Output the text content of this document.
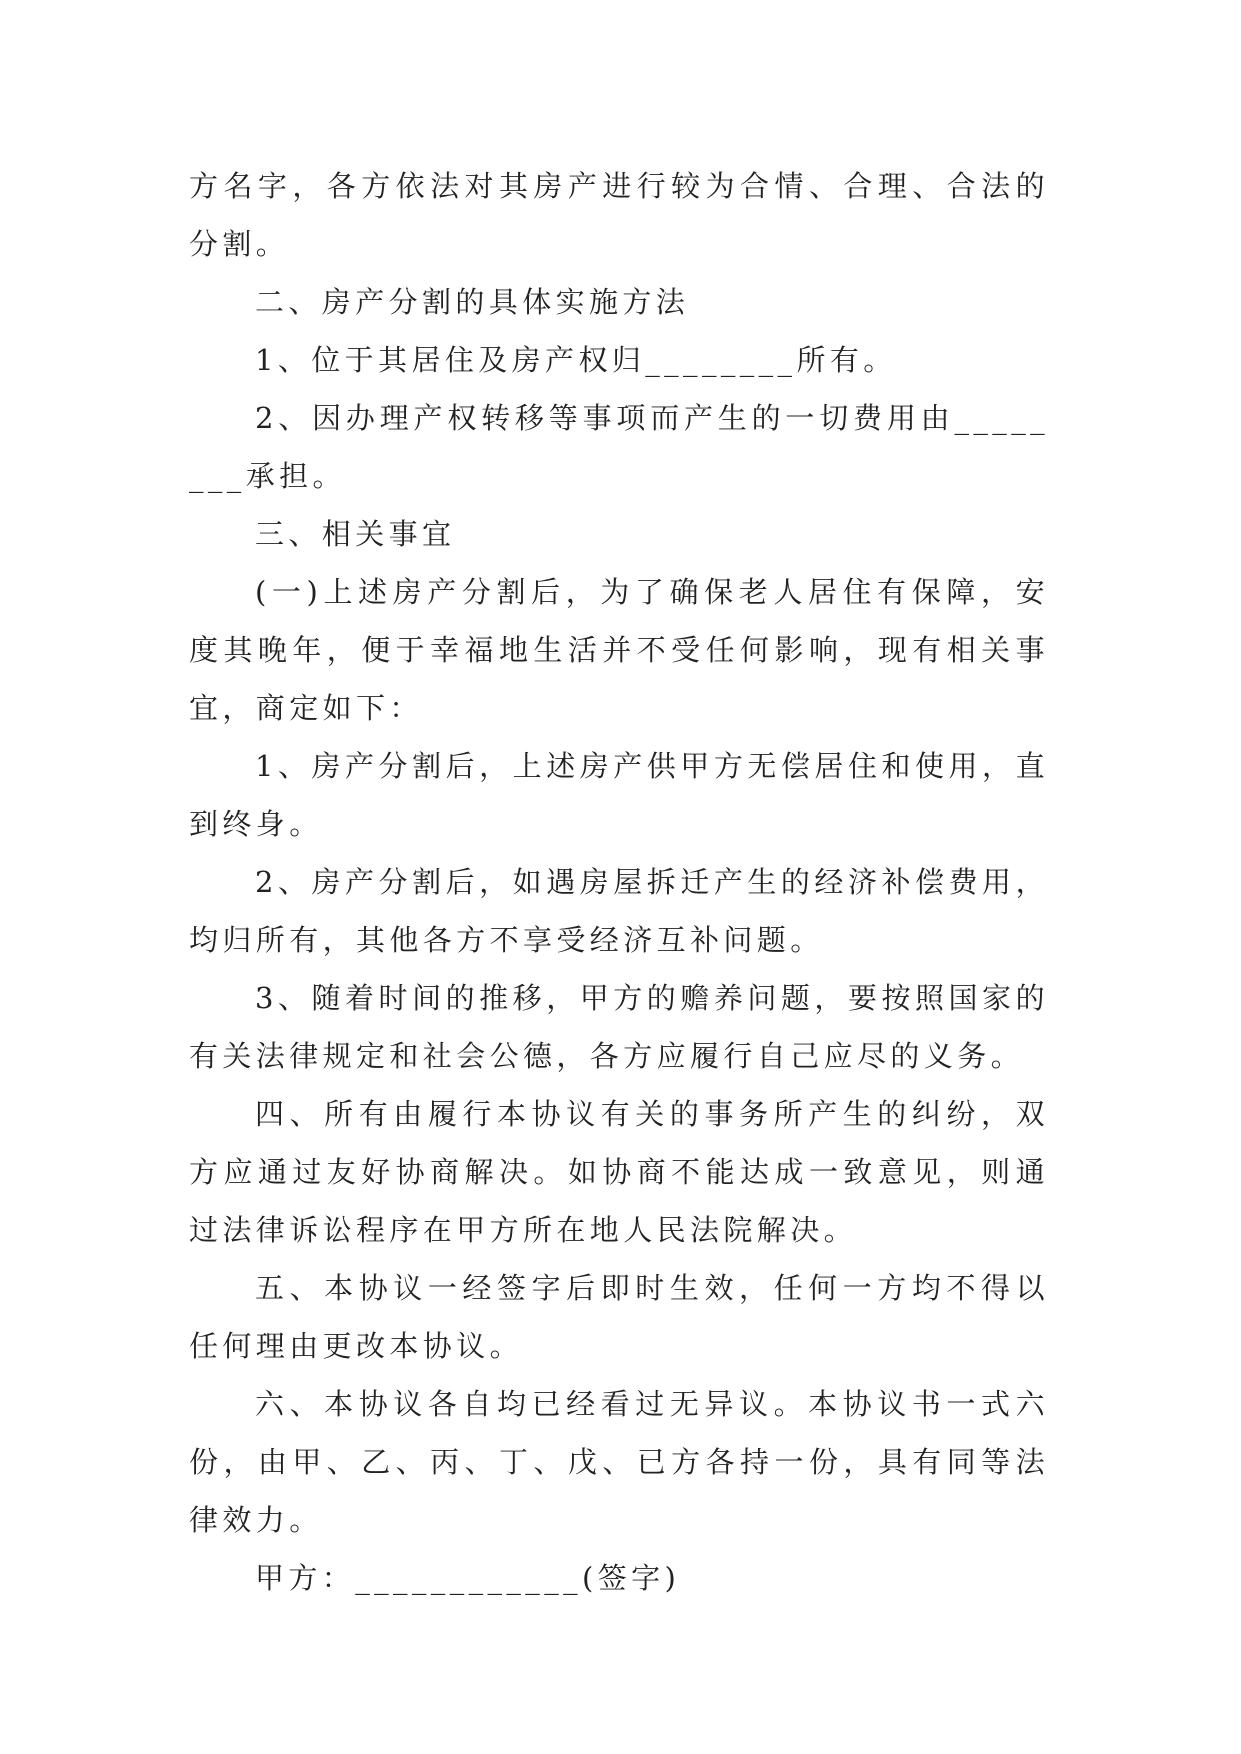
方名字，各方依法对其房产进行较为合情、合理、合法的分割。

二、房产分割的具体实施方法

1、位于其居住及房产权归________所有。

2、因办理产权转移等事项而产生的一切费用由________承担。

三、相关事宜

(一)上述房产分割后，为了确保老人居住有保障，安度其晚年，便于幸福地生活并不受任何影响，现有相关事宜，商定如下：

1、房产分割后，上述房产供甲方无偿居住和使用，直到终身。

2、房产分割后，如遇房屋拆迁产生的经济补偿费用，均归所有，其他各方不享受经济互补问题。

3、随着时间的推移，甲方的赡养问题，要按照国家的有关法律规定和社会公德，各方应履行自己应尽的义务。

四、所有由履行本协议有关的事务所产生的纠纷，双方应通过友好协商解决。如协商不能达成一致意见，则通过法律诉讼程序在甲方所在地人民法院解决。

五、本协议一经签字后即时生效，任何一方均不得以任何理由更改本协议。

六、本协议各自均已经看过无异议。本协议书一式六份，由甲、乙、丙、丁、戊、已方各持一份，具有同等法律效力。

甲方：____________(签字)
